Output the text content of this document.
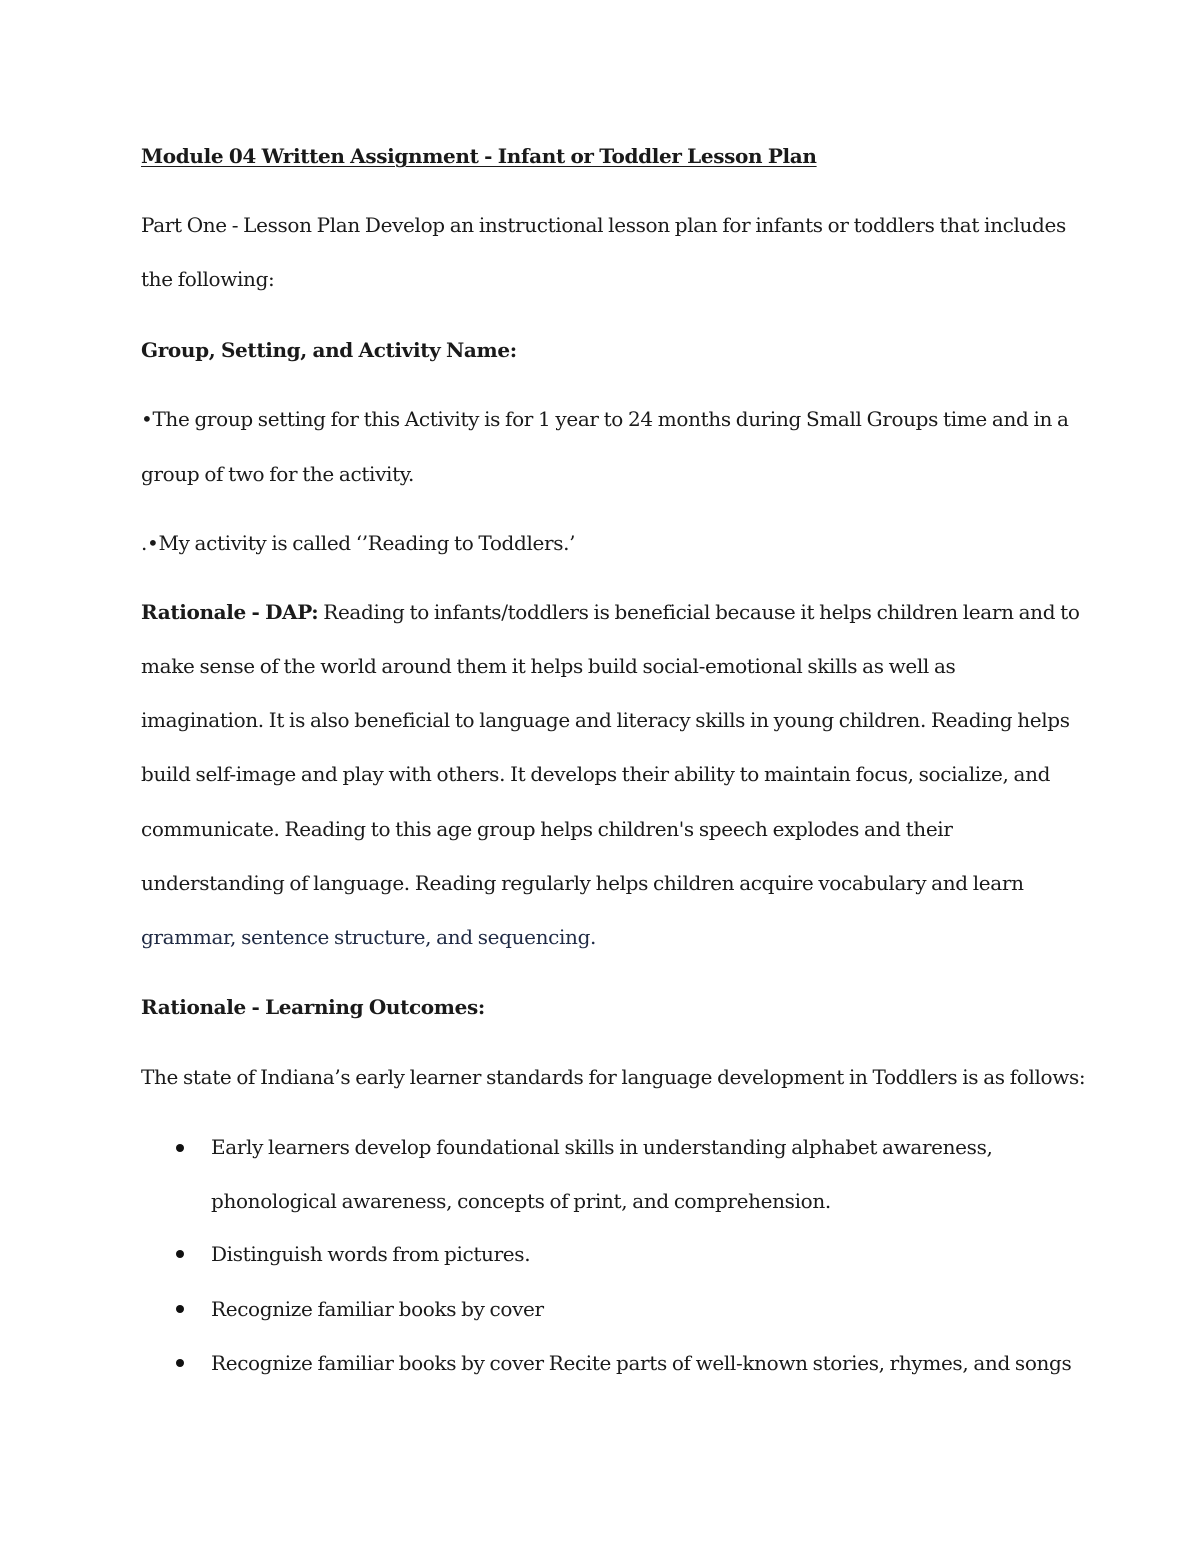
Module 04 Written Assignment - Infant or Toddler Lesson Plan
Part One - Lesson Plan Develop an instructional lesson plan for infants or toddlers that includes
the following:
Group, Setting, and Activity Name:
•The group setting for this Activity is for 1 year to 24 months during Small Groups time and in a
group of two for the activity.
.•My activity is called ‘’Reading to Toddlers.’
Rationale - DAP: Reading to infants/toddlers is beneficial because it helps children learn and to
make sense of the world around them it helps build social-emotional skills as well as
imagination. It is also beneficial to language and literacy skills in young children. Reading helps
build self-image and play with others. It develops their ability to maintain focus, socialize, and
communicate. Reading to this age group helps children's speech explodes and their
understanding of language. Reading regularly helps children acquire vocabulary and learn
grammar, sentence structure, and sequencing.
Rationale - Learning Outcomes:
The state of Indiana’s early learner standards for language development in Toddlers is as follows:
Early learners develop foundational skills in understanding alphabet awareness,
phonological awareness, concepts of print, and comprehension.
Distinguish words from pictures.
Recognize familiar books by cover
Recognize familiar books by cover Recite parts of well-known stories, rhymes, and songs
